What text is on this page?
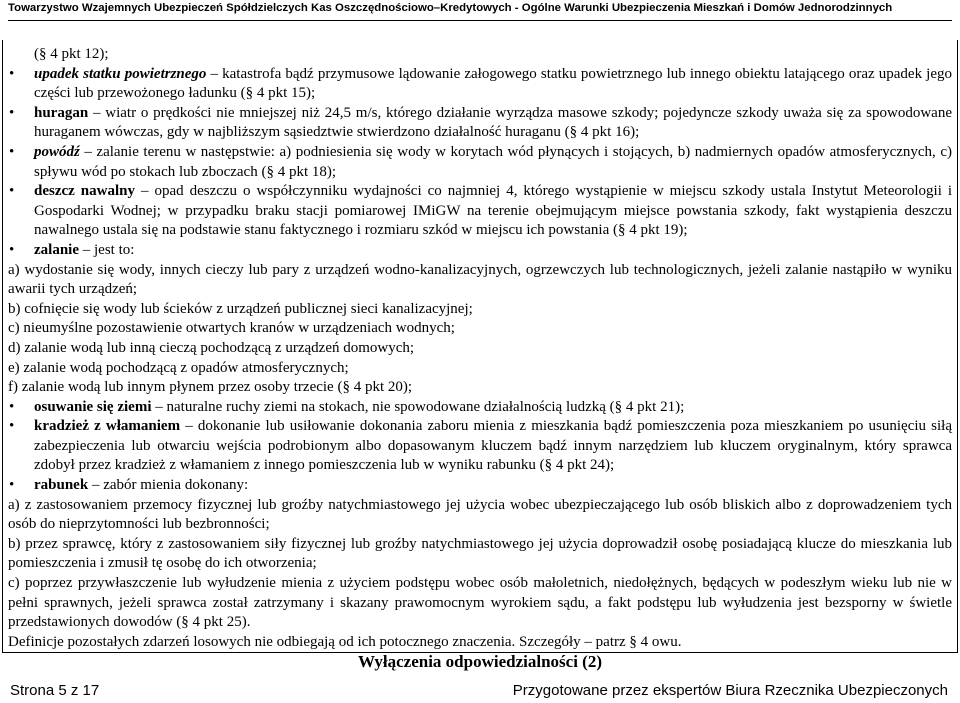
Towarzystwo Wzajemnych Ubezpieczeń Spółdzielczych Kas Oszczędnościowo–Kredytowych - Ogólne Warunki Ubezpieczenia Mieszkań i Domów Jednorodzinnych

(§ 4 pkt 12);

• upadek statku powietrznego – katastrofa bądź przymusowe lądowanie załogowego statku powietrznego lub innego obiektu latającego oraz upadek jego części lub przewożonego ładunku (§ 4 pkt 15);

• huragan – wiatr o prędkości nie mniejszej niż 24,5 m/s, którego działanie wyrządza masowe szkody; pojedyncze szkody uważa się za spowodowane huraganem wówczas, gdy w najbliższym sąsiedztwie stwierdzono działalność huraganu (§ 4 pkt 16);

• powódź – zalanie terenu w następstwie: a) podniesienia się wody w korytach wód płynących i stojących, b) nadmiernych opadów atmosferycznych, c) spływu wód po stokach lub zboczach (§ 4 pkt 18);

• deszcz nawalny – opad deszczu o współczynniku wydajności co najmniej 4, którego wystąpienie w miejscu szkody ustala Instytut Meteorologii i Gospodarki Wodnej; w przypadku braku stacji pomiarowej IMiGW na terenie obejmującym miejsce powstania szkody, fakt wystąpienia deszczu nawalnego ustala się na podstawie stanu faktycznego i rozmiaru szkód w miejscu ich powstania (§ 4 pkt 19);

• zalanie – jest to:

a) wydostanie się wody, innych cieczy lub pary z urządzeń wodno-kanalizacyjnych, ogrzewczych lub technologicznych, jeżeli zalanie nastąpiło w wyniku awarii tych urządzeń;

b) cofnięcie się wody lub ścieków z urządzeń publicznej sieci kanalizacyjnej;

c) nieumyślne pozostawienie otwartych kranów w urządzeniach wodnych;

d) zalanie wodą lub inną cieczą pochodzącą z urządzeń domowych;

e) zalanie wodą pochodzącą z opadów atmosferycznych;

f) zalanie wodą lub innym płynem przez osoby trzecie (§ 4 pkt 20);

• osuwanie się ziemi – naturalne ruchy ziemi na stokach, nie spowodowane działalnością ludzką (§ 4 pkt 21);

• kradzież z włamaniem – dokonanie lub usiłowanie dokonania zaboru mienia z mieszkania bądź pomieszczenia poza mieszkaniem po usunięciu siłą zabezpieczenia lub otwarciu wejścia podrobionym albo dopasowanym kluczem bądź innym narzędziem lub kluczem oryginalnym, który sprawca zdobył przez kradzież z włamaniem z innego pomieszczenia lub w wyniku rabunku (§ 4 pkt 24);

• rabunek – zabór mienia dokonany:

a) z zastosowaniem przemocy fizycznej lub groźby natychmiastowego jej użycia wobec ubezpieczającego lub osób bliskich albo z doprowadzeniem tych osób do nieprzytomności lub bezbronności;

b) przez sprawcę, który z zastosowaniem siły fizycznej lub groźby natychmiastowego jej użycia doprowadził osobę posiadającą klucze do mieszkania lub pomieszczenia i zmusił tę osobę do ich otworzenia;

c) poprzez przywłaszczenie lub wyłudzenie mienia z użyciem podstępu wobec osób małoletnich, niedołężnych, będących w podeszłym wieku lub nie w pełni sprawnych, jeżeli sprawca został zatrzymany i skazany prawomocnym wyrokiem sądu, a fakt podstępu lub wyłudzenia jest bezsporny w świetle przedstawionych dowodów (§ 4 pkt 25).

Definicje pozostałych zdarzeń losowych nie odbiegają od ich potocznego znaczenia. Szczegóły – patrz § 4 owu.

Wyłączenia odpowiedzialności (2)

Strona 5 z 17	Przygotowane przez ekspertów Biura Rzecznika Ubezpieczonych
